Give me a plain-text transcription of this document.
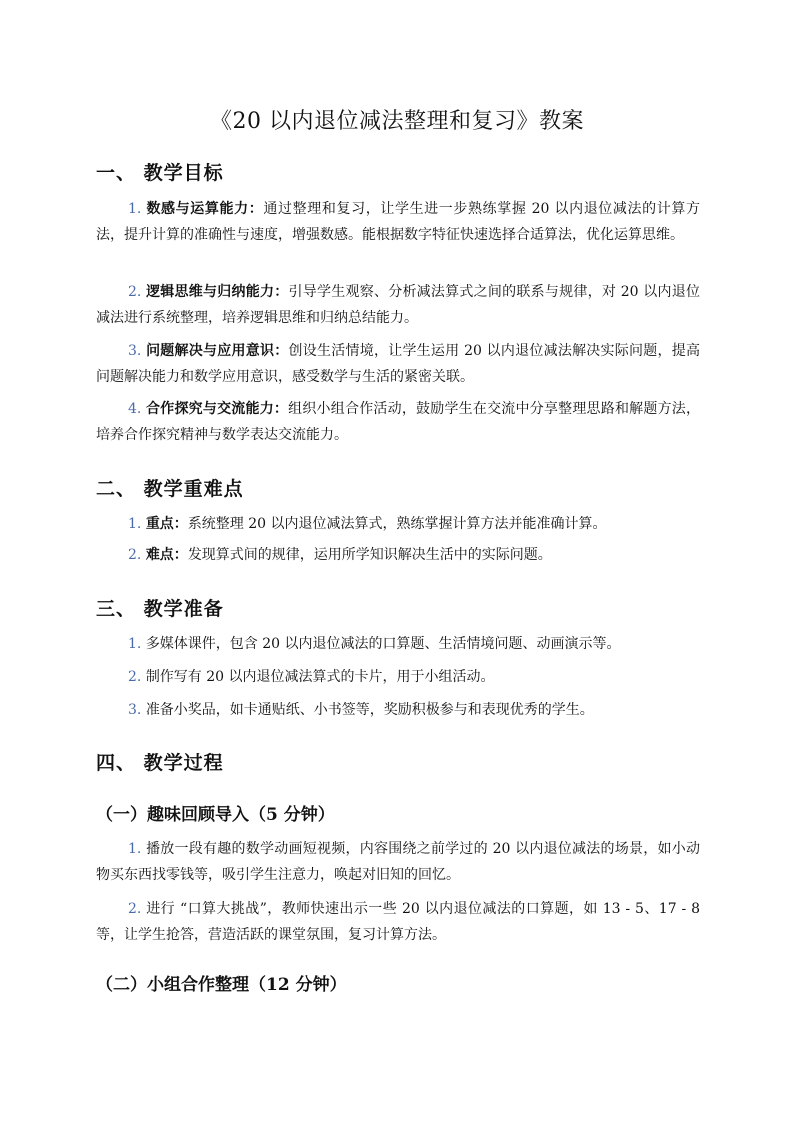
《20 以内退位减法整理和复习》教案
一、 教学目标
1. 数感与运算能力：通过整理和复习，让学生进一步熟练掌握 20 以内退位减法的计算方法，提升计算的准确性与速度，增强数感。能根据数字特征快速选择合适算法，优化运算思维。
2. 逻辑思维与归纳能力：引导学生观察、分析减法算式之间的联系与规律，对 20 以内退位减法进行系统整理，培养逻辑思维和归纳总结能力。
3. 问题解决与应用意识：创设生活情境，让学生运用 20 以内退位减法解决实际问题，提高问题解决能力和数学应用意识，感受数学与生活的紧密关联。
4. 合作探究与交流能力：组织小组合作活动，鼓励学生在交流中分享整理思路和解题方法，培养合作探究精神与数学表达交流能力。
二、 教学重难点
1. 重点：系统整理 20 以内退位减法算式，熟练掌握计算方法并能准确计算。
2. 难点：发现算式间的规律，运用所学知识解决生活中的实际问题。
三、 教学准备
1. 多媒体课件，包含 20 以内退位减法的口算题、生活情境问题、动画演示等。
2. 制作写有 20 以内退位减法算式的卡片，用于小组活动。
3. 准备小奖品，如卡通贴纸、小书签等，奖励积极参与和表现优秀的学生。
四、 教学过程
（一）趣味回顾导入（5 分钟）
1. 播放一段有趣的数学动画短视频，内容围绕之前学过的 20 以内退位减法的场景，如小动物买东西找零钱等，吸引学生注意力，唤起对旧知的回忆。
2. 进行 “口算大挑战”，教师快速出示一些 20 以内退位减法的口算题，如 13 - 5、17 - 8 等，让学生抢答，营造活跃的课堂氛围，复习计算方法。
（二）小组合作整理（12 分钟）
